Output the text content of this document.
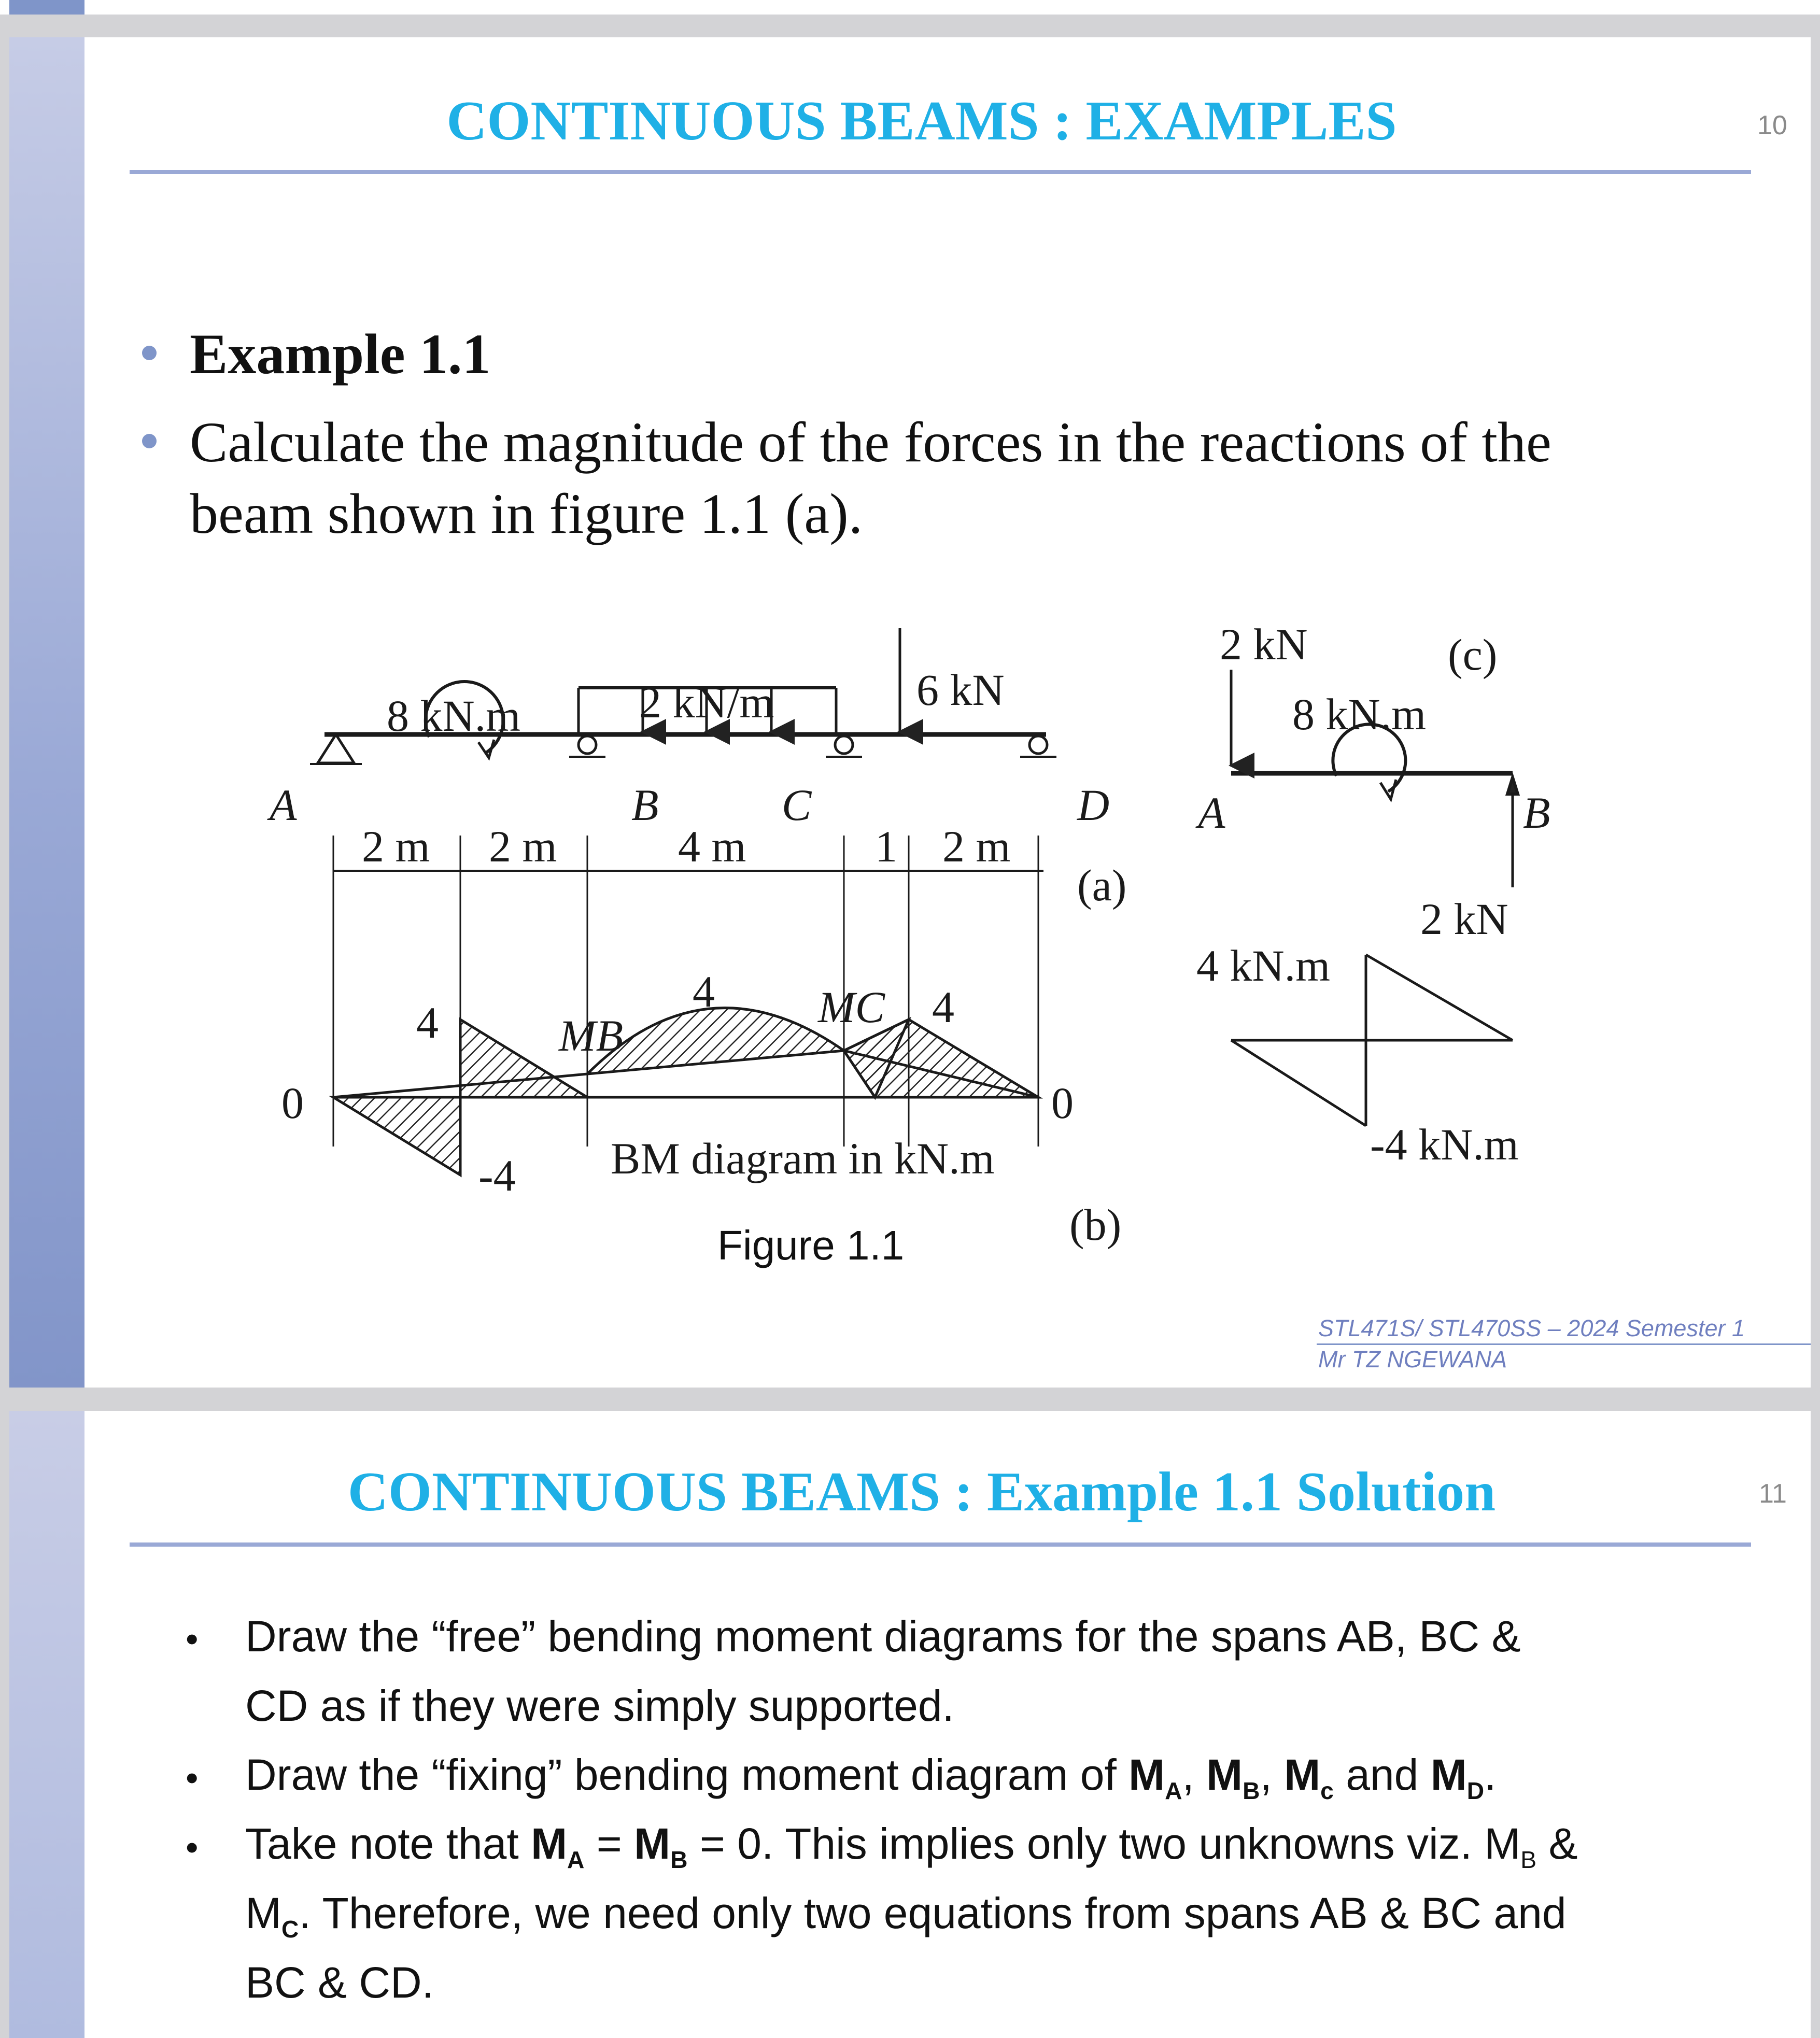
CONTINUOUS BEAMS : EXAMPLES	10
Example 1.1
Calculate the magnitude of the forces in the reactions of the beam shown in figure 1.1 (a).
8 kN.m	2 kN/m	6 kN
A	B	C	D
2 m 2 m	4 m	1 2 m
(a)
4
4	4
0	0
-4
MB
MC
BM diagram in kN.m
(b)
2 kN	(c)
8 kN.m
A	B
2 kN
4 kN.m
-4 kN.m
Figure 1.1
STL471S/ STL470SS – 2024 Semester 1
Mr TZ NGEWANA
CONTINUOUS BEAMS : Example 1.1 Solution	11
• Draw the “free” bending moment diagrams for the spans AB, BC &
CD as if they were simply supported.
• Draw the “fixing” bending moment diagram of $M_A$, $M_B$, $M_c$ and $M_D$.
• Take note that $M_A = M_B = 0$. This implies only two unknowns viz. $M_B$ &
$M_C$. Therefore, we need only two equations from spans AB & BC and
BC & CD.
